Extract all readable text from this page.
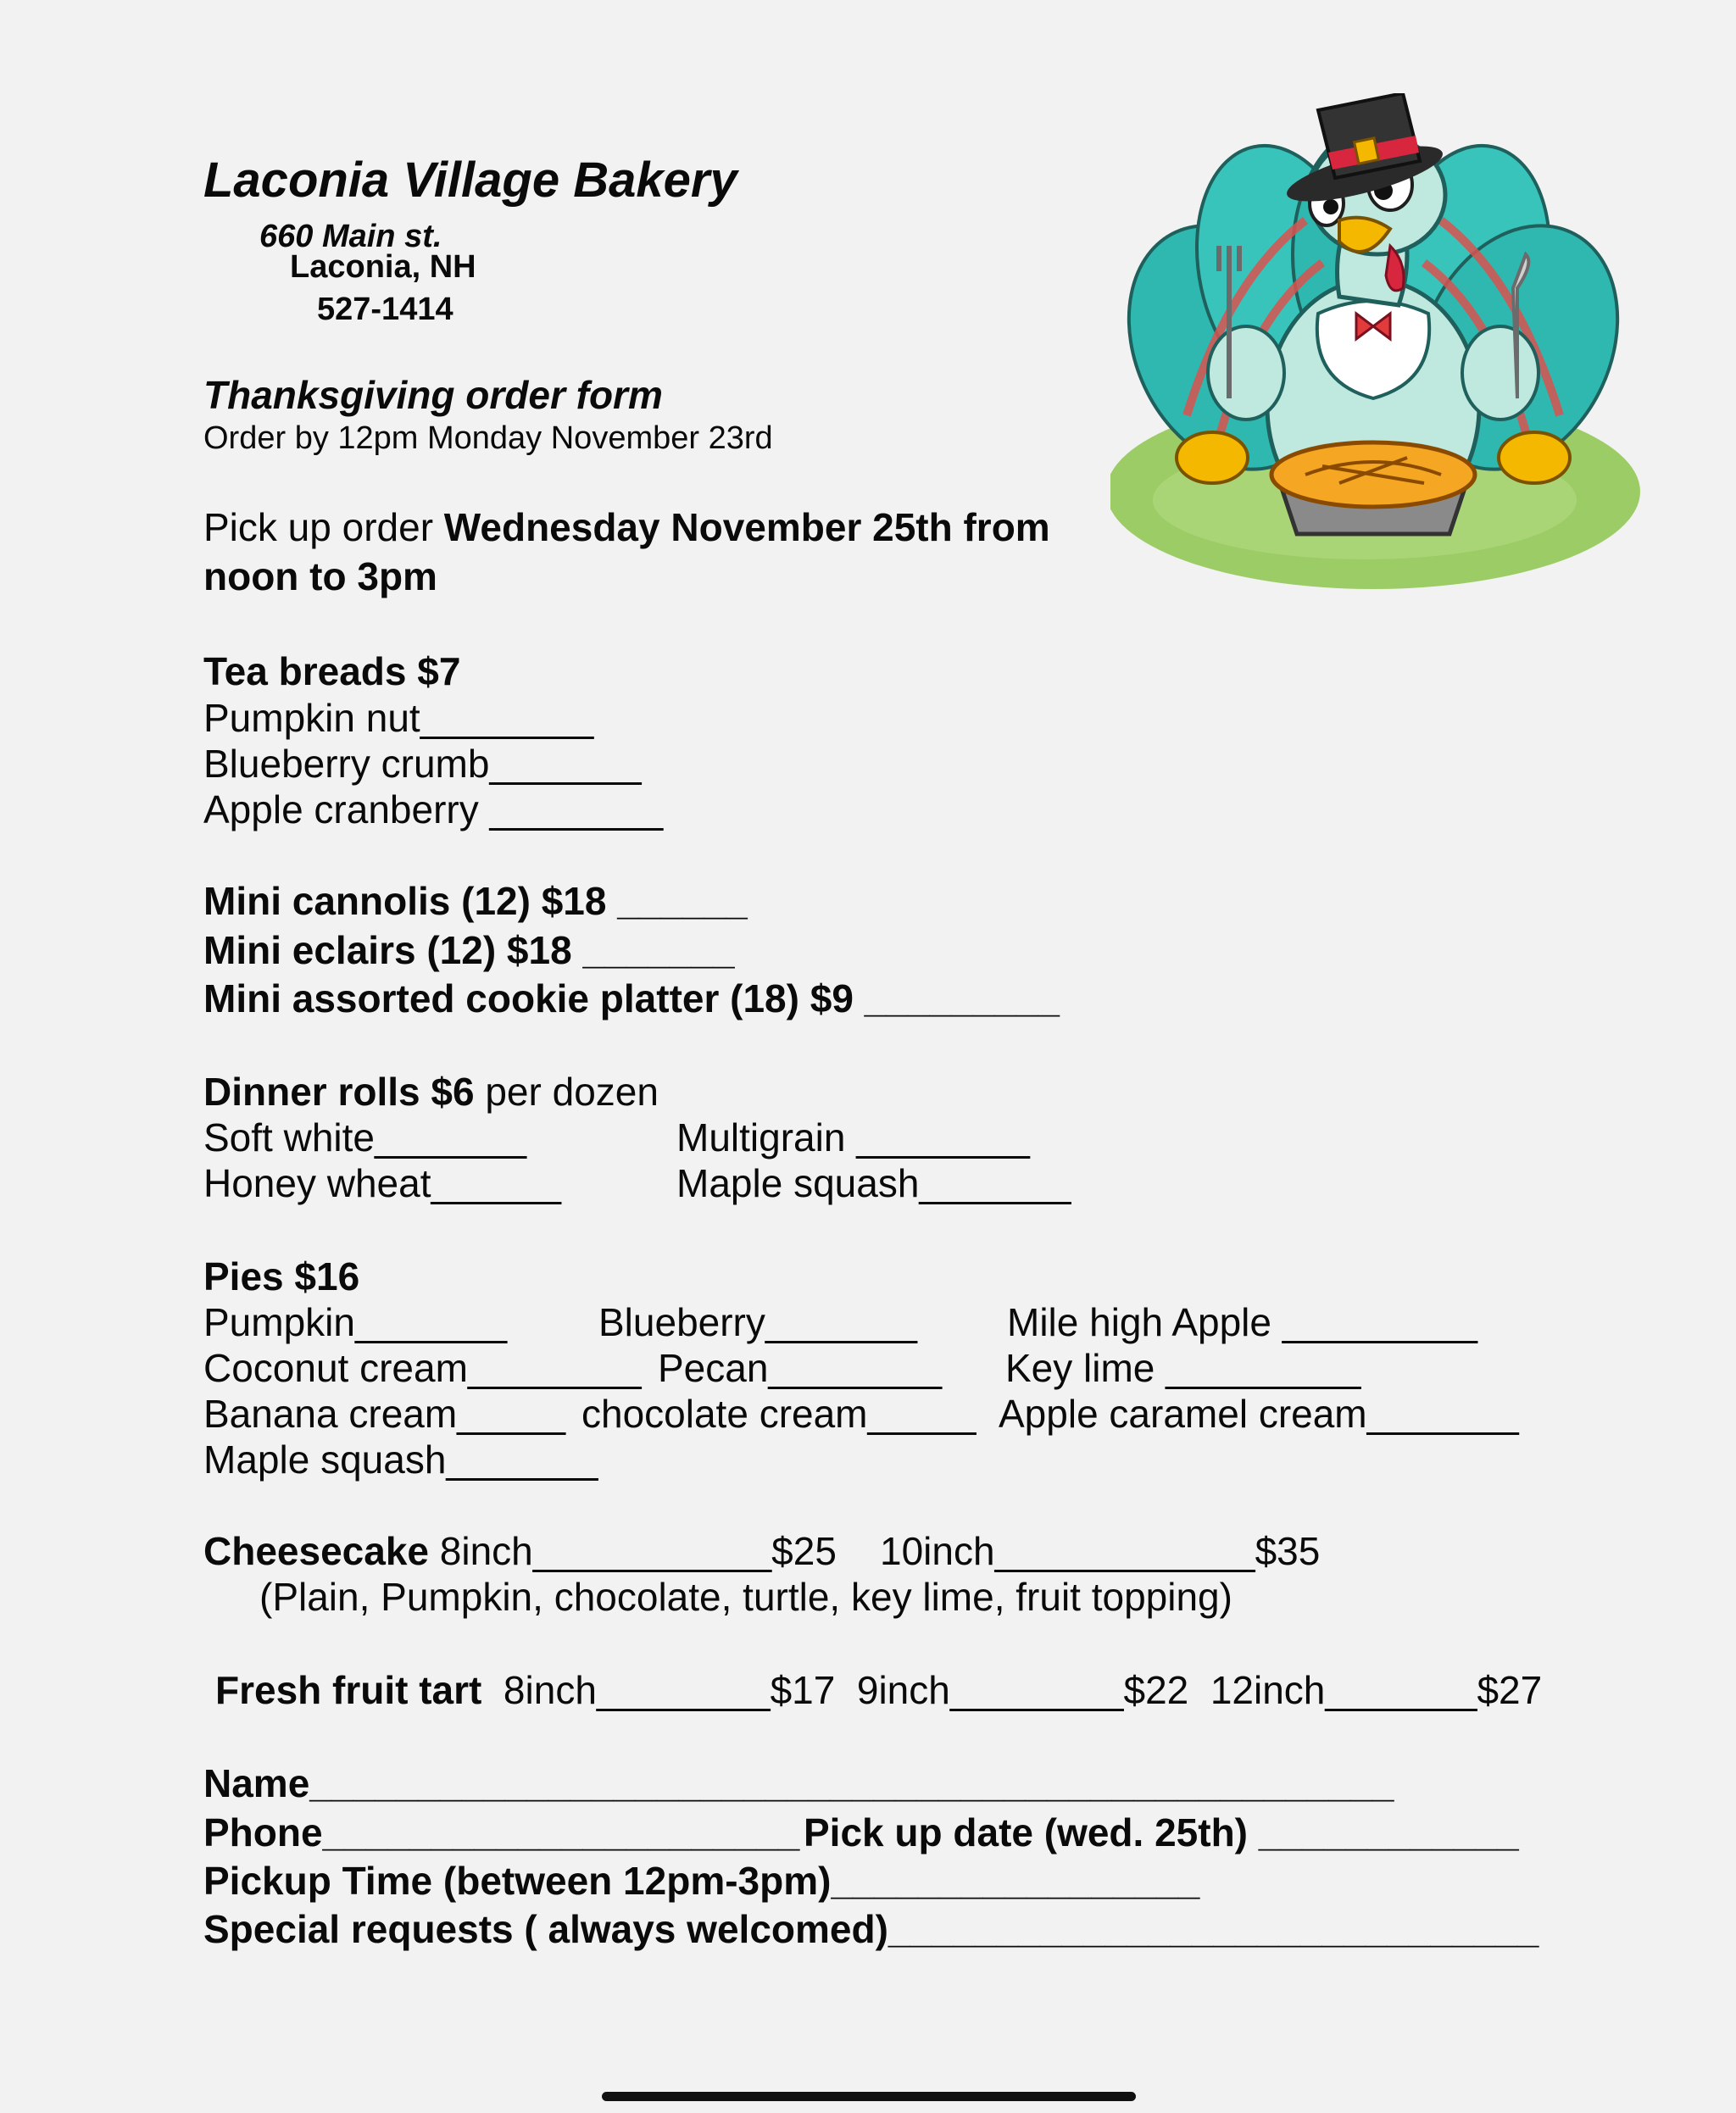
Laconia Village Bakery
660 Main st.
Laconia, NH
527-1414
Thanksgiving order form
Order by 12pm Monday November 23rd
Pick up order Wednesday November 25th from
noon to 3pm
Tea breads $7
Pumpkin nut________
Blueberry crumb_______
Apple cranberry ________
Mini cannolis (12) $18 ______
Mini eclairs (12) $18 _______
Mini assorted cookie platter (18) $9 _________
Dinner rolls $6 per dozen
Soft white_______
Honey wheat______
Multigrain ________
Maple squash_______
Pies $16
Pumpkin_______
Coconut cream________
Banana cream_____
Maple squash_______
Blueberry_______
Pecan________
chocolate cream_____
Mile high Apple _________
Key lime _________
Apple caramel cream_______
Cheesecake 8inch___________$25    10inch____________$35
(Plain, Pumpkin, chocolate, turtle, key lime, fruit topping)
Fresh fruit tart  8inch________$17  9inch________$22  12inch_______$27
Name__________________________________________________
Phone______________________ Pick up date (wed. 25th) ____________
Pickup Time (between 12pm-3pm)_________________
Special requests ( always welcomed)______________________________
